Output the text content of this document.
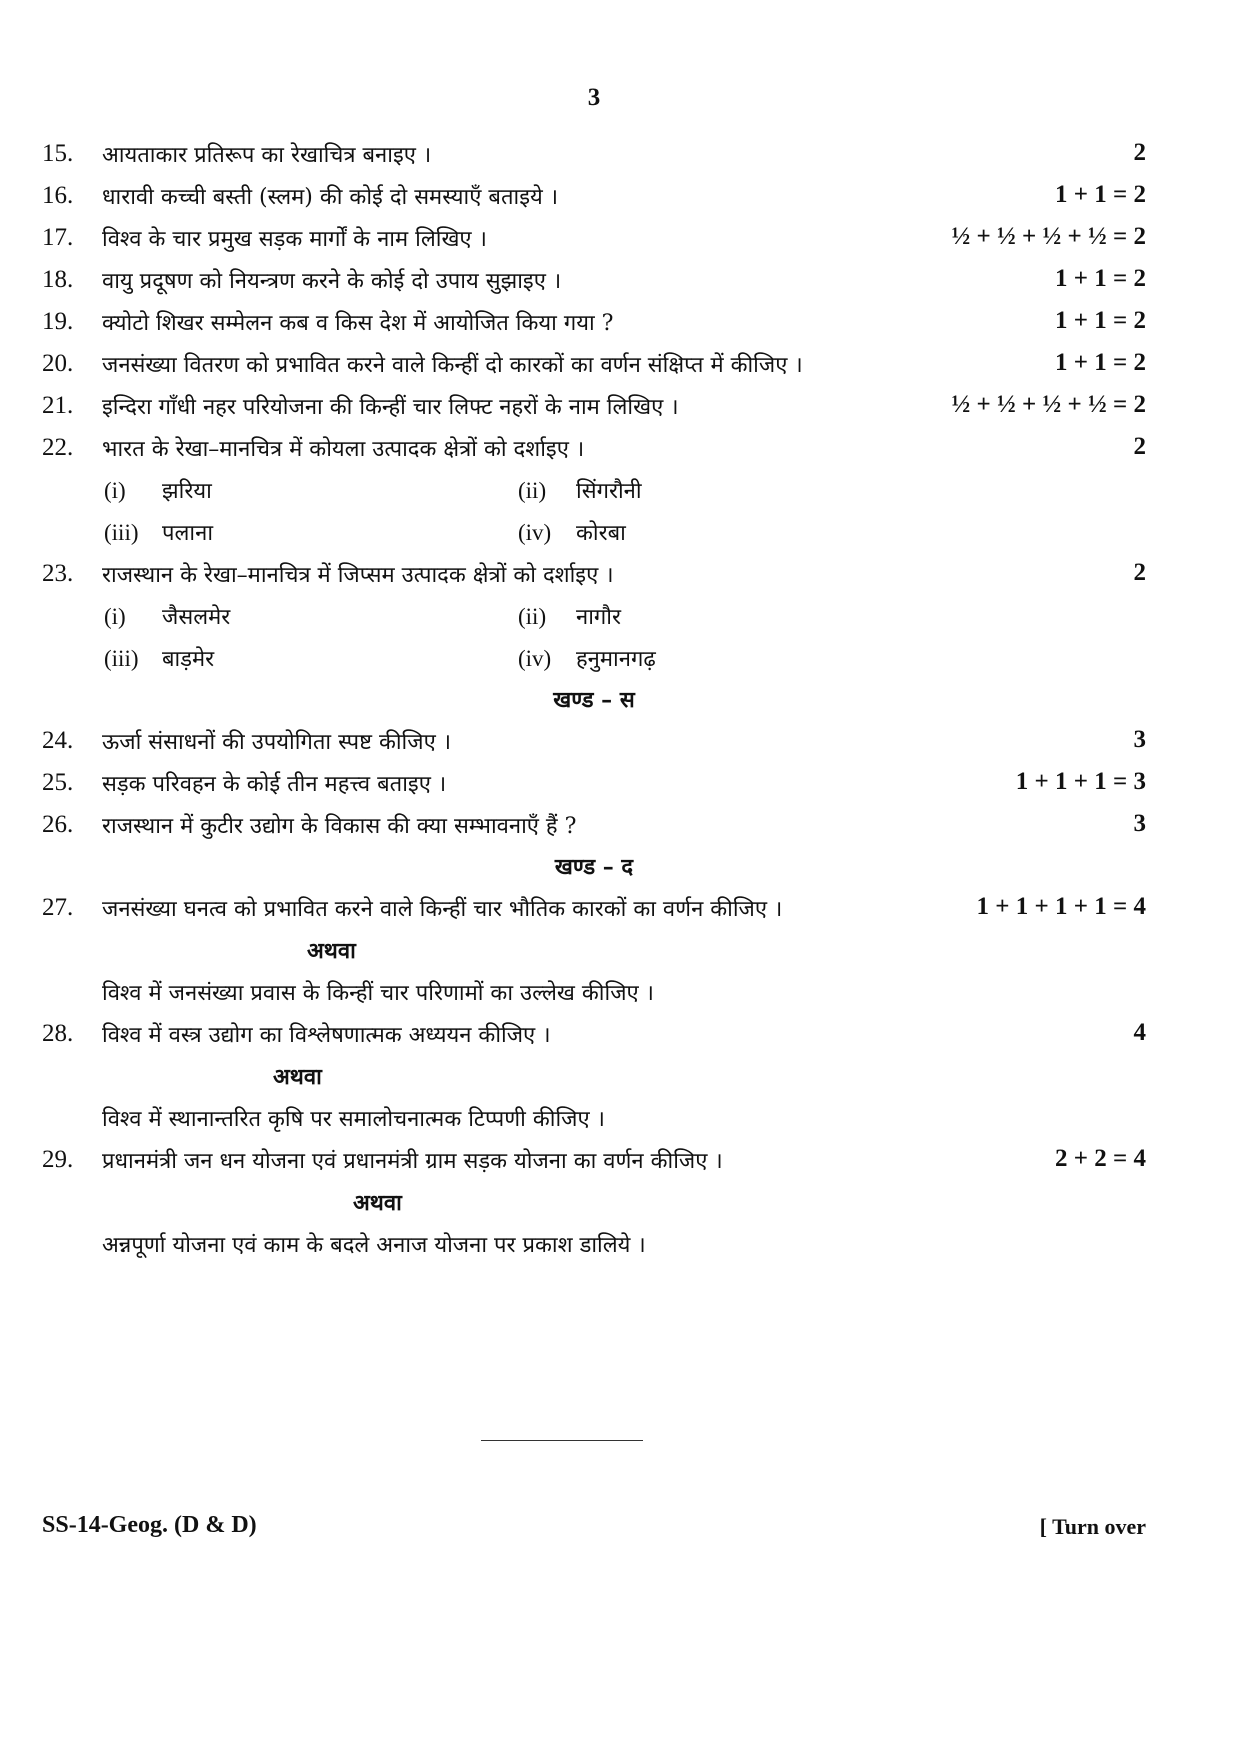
3
15. आयताकार प्रतिरूप का रेखाचित्र बनाइए ।	2
16. धारावी कच्ची बस्ती (स्लम) की कोई दो समस्याएँ बताइये ।	1 + 1 = 2
17. विश्व के चार प्रमुख सड़क मार्गों के नाम लिखिए ।	½ + ½ + ½ + ½ = 2
18. वायु प्रदूषण को नियन्त्रण करने के कोई दो उपाय सुझाइए ।	1 + 1 = 2
19. क्योटो शिखर सम्मेलन कब व किस देश में आयोजित किया गया ?	1 + 1 = 2
20. जनसंख्या वितरण को प्रभावित करने वाले किन्हीं दो कारकों का वर्णन संक्षिप्त में कीजिए ।	1 + 1 = 2
21. इन्दिरा गाँधी नहर परियोजना की किन्हीं चार लिफ्ट नहरों के नाम लिखिए ।	½ + ½ + ½ + ½ = 2
22. भारत के रेखा–मानचित्र में कोयला उत्पादक क्षेत्रों को दर्शाइए ।	2
(i) झरिया	(ii) सिंगरौनी
(iii) पलाना	(iv) कोरबा
23. राजस्थान के रेखा–मानचित्र में जिप्सम उत्पादक क्षेत्रों को दर्शाइए ।	2
(i) जैसलमेर	(ii) नागौर
(iii) बाड़मेर	(iv) हनुमानगढ़
खण्ड – स
24. ऊर्जा संसाधनों की उपयोगिता स्पष्ट कीजिए ।	3
25. सड़क परिवहन के कोई तीन महत्त्व बताइए ।	1 + 1 + 1 = 3
26. राजस्थान में कुटीर उद्योग के विकास की क्या सम्भावनाएँ हैं ?	3
खण्ड – द
27. जनसंख्या घनत्व को प्रभावित करने वाले किन्हीं चार भौतिक कारकों का वर्णन कीजिए ।	1 + 1 + 1 + 1 = 4
अथवा
विश्व में जनसंख्या प्रवास के किन्हीं चार परिणामों का उल्लेख कीजिए ।
28. विश्व में वस्त्र उद्योग का विश्लेषणात्मक अध्ययन कीजिए ।	4
अथवा
विश्व में स्थानान्तरित कृषि पर समालोचनात्मक टिप्पणी कीजिए ।
29. प्रधानमंत्री जन धन योजना एवं प्रधानमंत्री ग्राम सड़क योजना का वर्णन कीजिए ।	2 + 2 = 4
अथवा
अन्नपूर्णा योजना एवं काम के बदले अनाज योजना पर प्रकाश डालिये ।
SS-14-Geog. (D & D)	[ Turn over
